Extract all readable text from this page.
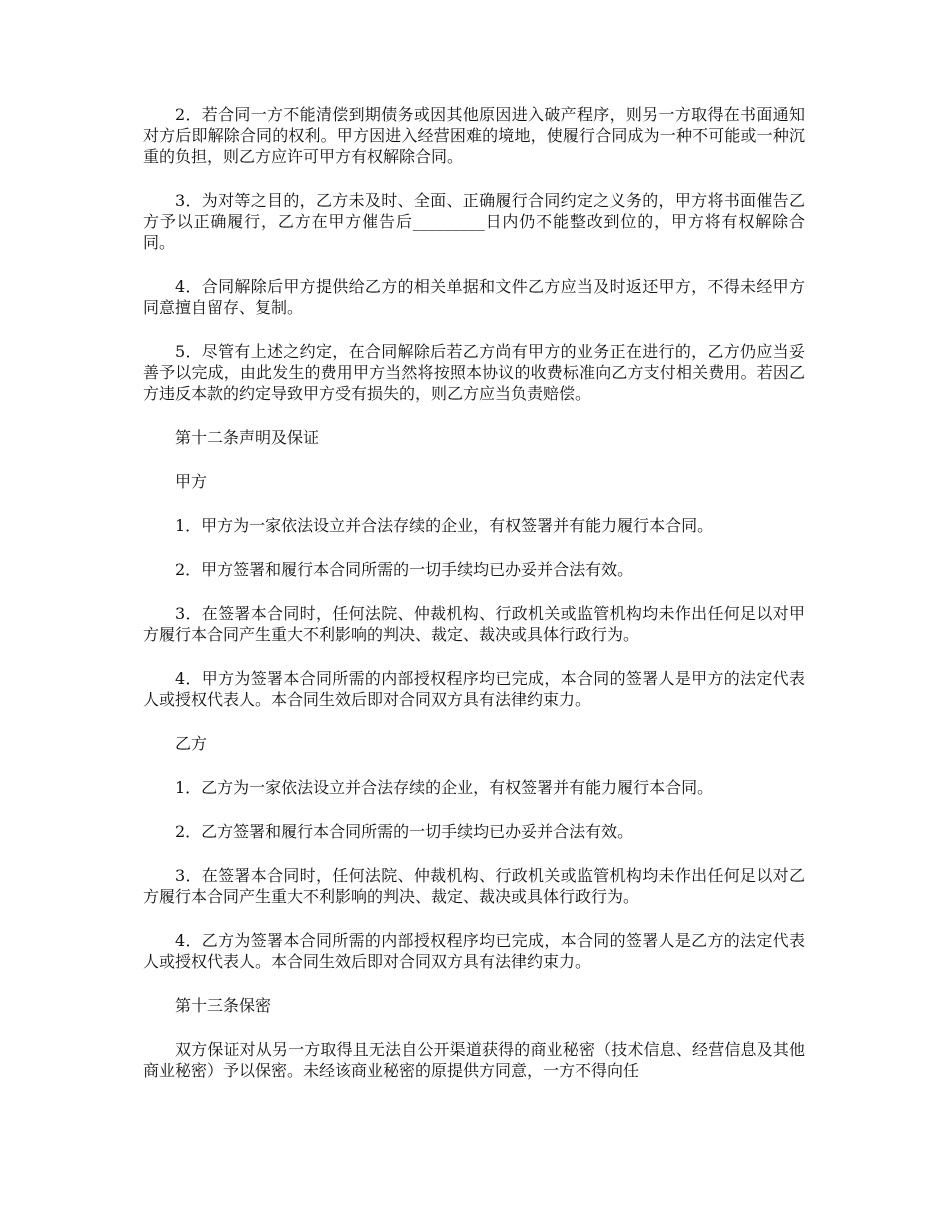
2．若合同一方不能清偿到期债务或因其他原因进入破产程序，则另一方取得在书面通知对方后即解除合同的权利。甲方因进入经营困难的境地，使履行合同成为一种不可能或一种沉重的负担，则乙方应许可甲方有权解除合同。

3．为对等之目的，乙方未及时、全面、正确履行合同约定之义务的，甲方将书面催告乙方予以正确履行，乙方在甲方催告后_________日内仍不能整改到位的，甲方将有权解除合同。

4．合同解除后甲方提供给乙方的相关单据和文件乙方应当及时返还甲方，不得未经甲方同意擅自留存、复制。

5．尽管有上述之约定，在合同解除后若乙方尚有甲方的业务正在进行的，乙方仍应当妥善予以完成，由此发生的费用甲方当然将按照本协议的收费标准向乙方支付相关费用。若因乙方违反本款的约定导致甲方受有损失的，则乙方应当负责赔偿。

第十二条声明及保证

甲方

1．甲方为一家依法设立并合法存续的企业，有权签署并有能力履行本合同。

2．甲方签署和履行本合同所需的一切手续均已办妥并合法有效。

3．在签署本合同时，任何法院、仲裁机构、行政机关或监管机构均未作出任何足以对甲方履行本合同产生重大不利影响的判决、裁定、裁决或具体行政行为。

4．甲方为签署本合同所需的内部授权程序均已完成，本合同的签署人是甲方的法定代表人或授权代表人。本合同生效后即对合同双方具有法律约束力。

乙方

1．乙方为一家依法设立并合法存续的企业，有权签署并有能力履行本合同。

2．乙方签署和履行本合同所需的一切手续均已办妥并合法有效。

3．在签署本合同时，任何法院、仲裁机构、行政机关或监管机构均未作出任何足以对乙方履行本合同产生重大不利影响的判决、裁定、裁决或具体行政行为。

4．乙方为签署本合同所需的内部授权程序均已完成，本合同的签署人是乙方的法定代表人或授权代表人。本合同生效后即对合同双方具有法律约束力。

第十三条保密

双方保证对从另一方取得且无法自公开渠道获得的商业秘密（技术信息、经营信息及其他商业秘密）予以保密。未经该商业秘密的原提供方同意，一方不得向任
